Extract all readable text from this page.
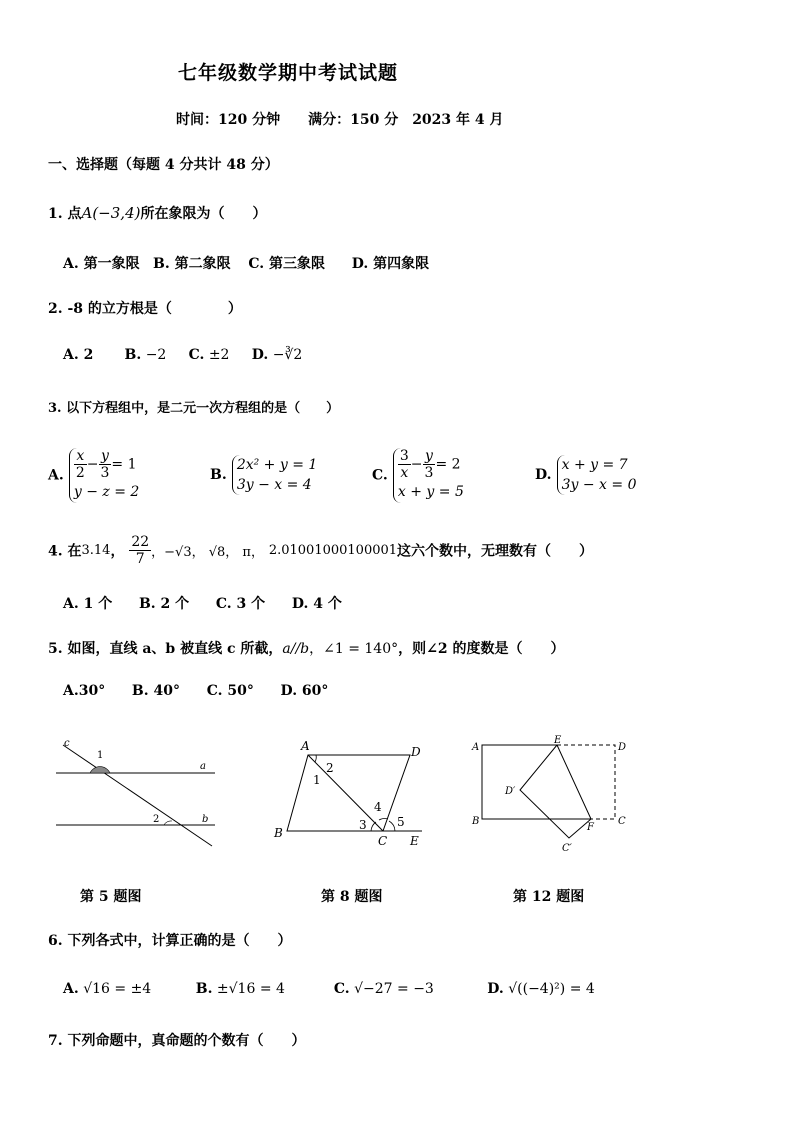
七年级数学期中考试试题
时间：120 分钟　　满分：150 分　2023 年 4 月
一、选择题（每题 4 分共计 48 分）
1. 点A(−3,4)所在象限为（　　）
A. 第一象限 B. 第二象限 C. 第三象限 D. 第四象限
2. -8 的立方根是（　　　　）
A. 2 B. −2 C. ±2 D. −∛2
3. 以下方程组中，是二元一次方程组的是（　　）
A. $\frac{x}{2} - \frac{y}{3} = 1$
y − z = 2
B.
2x² + y = 1
3y − x = 4
C. $\frac{3}{x} - \frac{y}{3} = 2$
x + y = 5
D.
x + y = 7
3y − x = 0
4. 在3.14， $\frac{22}{7}$ ，−√3， √8， π， 2.01001000100001这六个数中，无理数有（　　）
A. 1 个 B. 2 个 C. 3 个 D. 4 个
5. 如图，直线 a、b 被直线 c 所截，a//b，∠1 = 140°，则∠2 的度数是（　　）
A.30° B. 40° C. 50° D. 60°
c
1
a
2	b
A	D
2
1
4
3	5
B
C E
A
E
D
D′
B
F
C
C′
第 5 题图	第 8 题图	第 12 题图
6. 下列各式中，计算正确的是（　　）
A. √16 = ±4	B. ±√16 = 4	C. √−27 = −3	D. √((−4)²) = 4
7. 下列命题中，真命题的个数有（　　）
